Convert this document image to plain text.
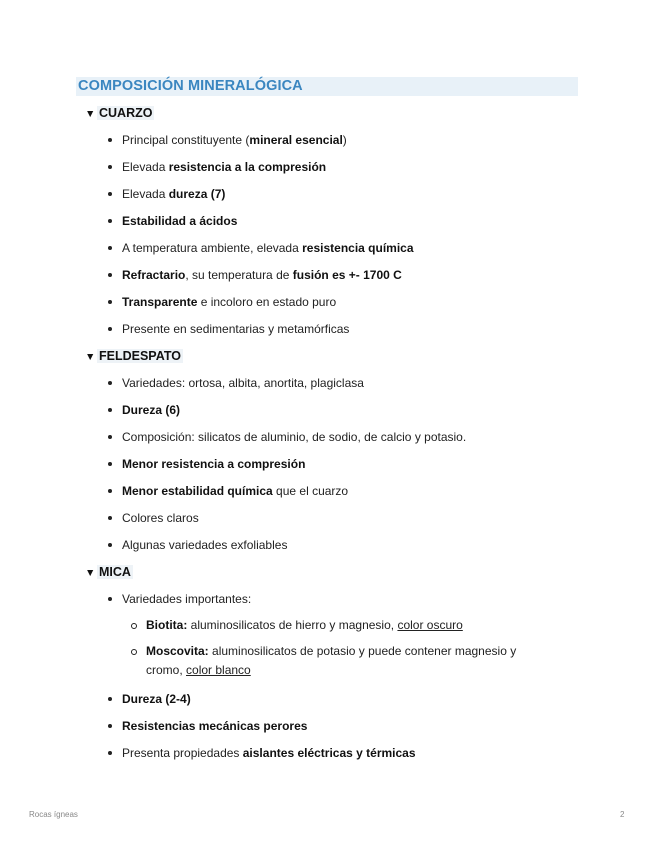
COMPOSICIÓN MINERALÓGICA
▼ CUARZO
Principal constituyente (mineral esencial)
Elevada resistencia a la compresión
Elevada dureza (7)
Estabilidad a ácidos
A temperatura ambiente, elevada resistencia química
Refractario, su temperatura de fusión es +- 1700 C
Transparente e incoloro en estado puro
Presente en sedimentarias y metamórficas
▼ FELDESPATO
Variedades: ortosa, albita, anortita, plagiclasa
Dureza (6)
Composición: silicatos de aluminio, de sodio, de calcio y potasio.
Menor resistencia a compresión
Menor estabilidad química que el cuarzo
Colores claros
Algunas variedades exfoliables
▼ MICA
Variedades importantes:
Biotita: aluminosilicatos de hierro y magnesio, color oscuro
Moscovita: aluminosilicatos de potasio y puede contener magnesio y cromo, color blanco
Dureza (2-4)
Resistencias mecánicas perores
Presenta propiedades aislantes eléctricas y térmicas
Rocas ígneas	2
